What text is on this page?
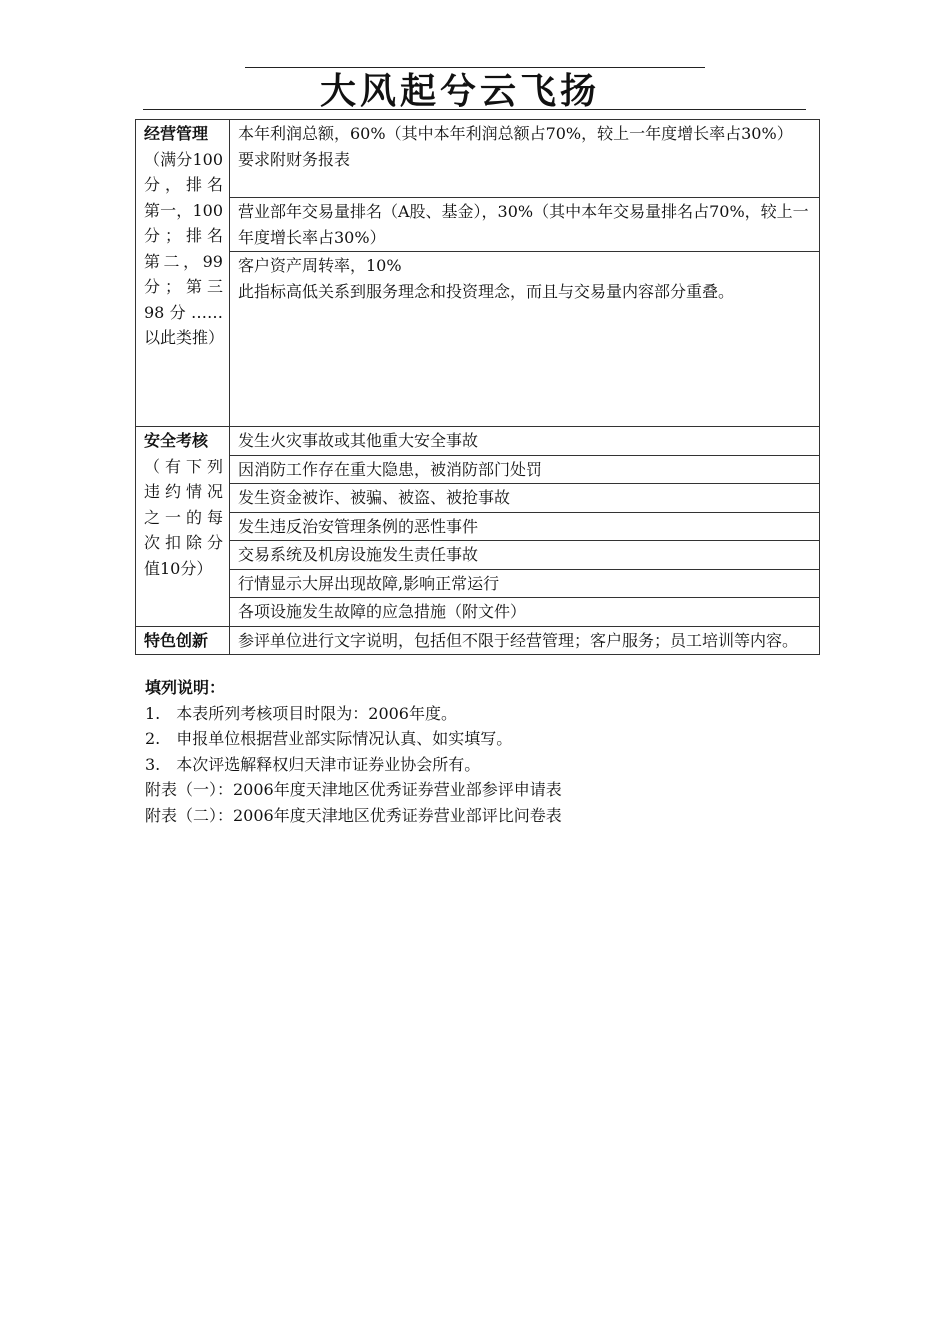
大风起兮云飞扬
经营管理
（满分100分，排名第一，100分；排名第二，99分；第三98分……以此类推）	本年利润总额，60%（其中本年利润总额占70%，较上一年度增长率占30%）
要求附财务报表
	营业部年交易量排名（A股、基金），30%（其中本年交易量排名占70%，较上一年度增长率占30%）
	客户资产周转率，10%
此指标高低关系到服务理念和投资理念，而且与交易量内容部分重叠。

安全考核
（有下列违约情况之一的每次扣除分值10分）	发生火灾事故或其他重大安全事故
	因消防工作存在重大隐患，被消防部门处罚
	发生资金被诈、被骗、被盗、被抢事故
	发生违反治安管理条例的恶性事件
	交易系统及机房设施发生责任事故
	行情显示大屏出现故障,影响正常运行
	各项设施发生故障的应急措施（附文件）

特色创新	参评单位进行文字说明，包括但不限于经营管理；客户服务；员工培训等内容。
填列说明：
1.　本表所列考核项目时限为：2006年度。
2.　申报单位根据营业部实际情况认真、如实填写。
3.　本次评选解释权归天津市证券业协会所有。
附表（一）：2006年度天津地区优秀证券营业部参评申请表
附表（二）：2006年度天津地区优秀证券营业部评比问卷表
